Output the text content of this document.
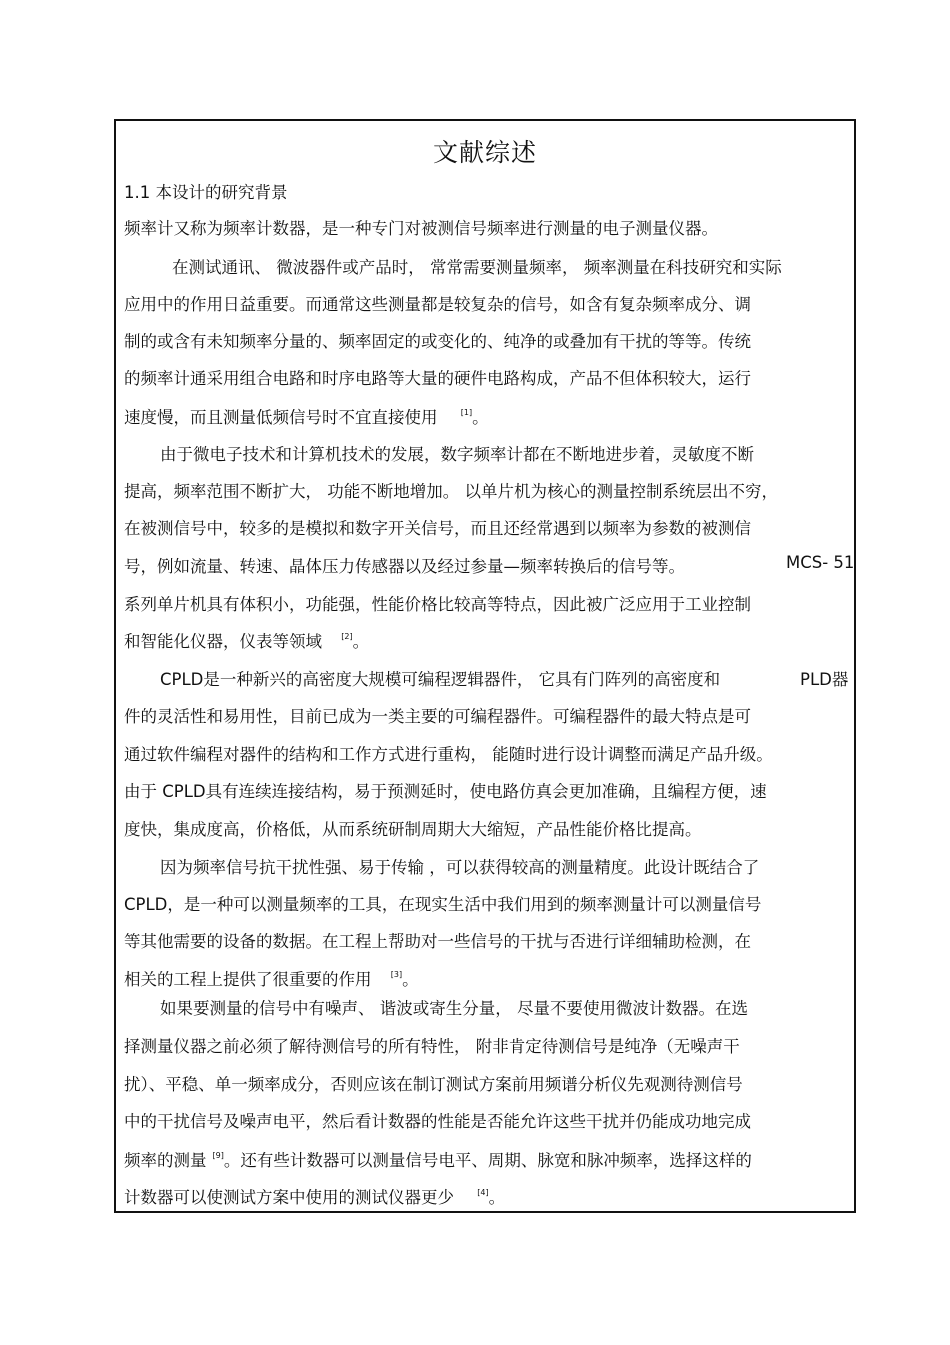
文献综述
1.1 本设计的研究背景
频率计又称为频率计数器，是一种专门对被测信号频率进行测量的电子测量仪器。
在测试通讯、 微波器件或产品时， 常常需要测量频率， 频率测量在科技研究和实际
应用中的作用日益重要。而通常这些测量都是较复杂的信号，如含有复杂频率成分、调
制的或含有未知频率分量的、频率固定的或变化的、纯净的或叠加有干扰的等等。传统
的频率计通采用组合电路和时序电路等大量的硬件电路构成，产品不但体积较大，运行
速度慢，而且测量低频信号时不宜直接使用	[1]。
由于微电子技术和计算机技术的发展，数字频率计都在不断地进步着，灵敏度不断
提高，频率范围不断扩大， 功能不断地增加。 以单片机为核心的测量控制系统层出不穷，
在被测信号中，较多的是模拟和数字开关信号，而且还经常遇到以频率为参数的被测信
号，例如流量、转速、晶体压力传感器以及经过参量—频率转换后的信号等。	MCS- 51
系列单片机具有体积小，功能强，性能价格比较高等特点，因此被广泛应用于工业控制
和智能化仪器，仪表等领域 [2]。
CPLD是一种新兴的高密度大规模可编程逻辑器件， 它具有门阵列的高密度和	PLD器
件的灵活性和易用性，目前已成为一类主要的可编程器件。可编程器件的最大特点是可
通过软件编程对器件的结构和工作方式进行重构， 能随时进行设计调整而满足产品升级。
由于 CPLD具有连续连接结构，易于预测延时，使电路仿真会更加准确，且编程方便，速
度快，集成度高，价格低，从而系统研制周期大大缩短，产品性能价格比提高。
因为频率信号抗干扰性强、易于传输 ，可以获得较高的测量精度。此设计既结合了
CPLD，是一种可以测量频率的工具，在现实生活中我们用到的频率测量计可以测量信号
等其他需要的设备的数据。在工程上帮助对一些信号的干扰与否进行详细辅助检测，在
相关的工程上提供了很重要的作用 [3]。
如果要测量的信号中有噪声、 谐波或寄生分量， 尽量不要使用微波计数器。在选
择测量仪器之前必须了解待测信号的所有特性， 附非肯定待测信号是纯净（无噪声干
扰）、平稳、单一频率成分，否则应该在制订测试方案前用频谱分析仪先观测待测信号
中的干扰信号及噪声电平，然后看计数器的性能是否能允许这些干扰并仍能成功地完成
频率的测量 [9]。还有些计数器可以测量信号电平、周期、脉宽和脉冲频率，选择这样的
计数器可以使测试方案中使用的测试仪器更少	[4]。
